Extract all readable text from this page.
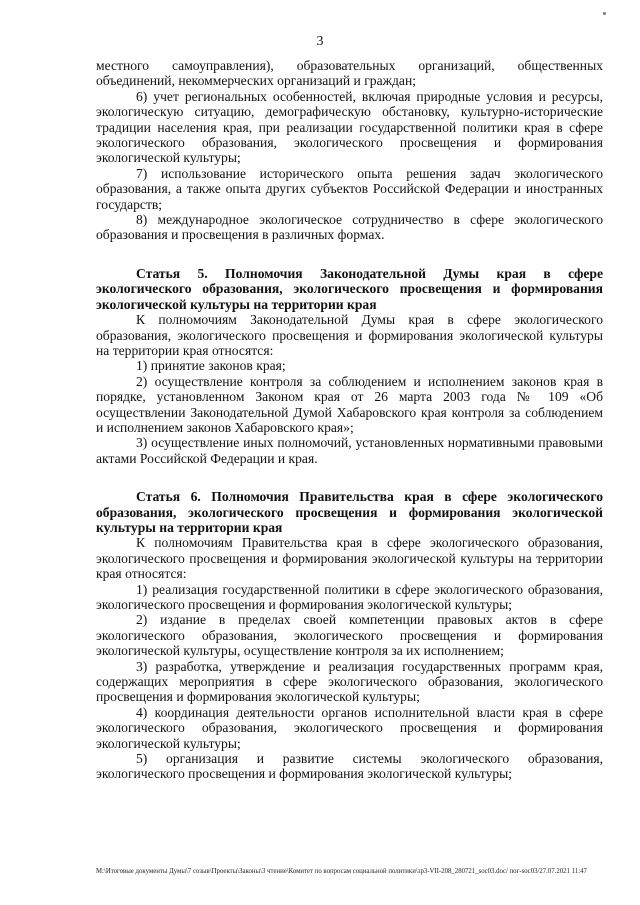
3

местного самоуправления), образовательных организаций, общественных объединений, некоммерческих организаций и граждан;

6) учет региональных особенностей, включая природные условия и ресурсы, экологическую ситуацию, демографическую обстановку, культурно-исторические традиции населения края, при реализации государственной политики края в сфере экологического образования, экологического просвещения и формирования экологической культуры;

7) использование исторического опыта решения задач экологического образования, а также опыта других субъектов Российской Федерации и иностранных государств;

8) международное экологическое сотрудничество в сфере экологического образования и просвещения в различных формах.

Статья 5. Полномочия Законодательной Думы края в сфере экологического образования, экологического просвещения и формирования экологической культуры на территории края

К полномочиям Законодательной Думы края в сфере экологического образования, экологического просвещения и формирования экологической культуры на территории края относятся:

1) принятие законов края;

2) осуществление контроля за соблюдением и исполнением законов края в порядке, установленном Законом края от 26 марта 2003 года № 109 «Об осуществлении Законодательной Думой Хабаровского края контроля за соблюдением и исполнением законов Хабаровского края»;

3) осуществление иных полномочий, установленных нормативными правовыми актами Российской Федерации и края.

Статья 6. Полномочия Правительства края в сфере экологического образования, экологического просвещения и формирования экологической культуры на территории края

К полномочиям Правительства края в сфере экологического образования, экологического просвещения и формирования экологической культуры на территории края относятся:

1) реализация государственной политики в сфере экологического образования, экологического просвещения и формирования экологической культуры;

2) издание в пределах своей компетенции правовых актов в сфере экологического образования, экологического просвещения и формирования экологической культуры, осуществление контроля за их исполнением;

3) разработка, утверждение и реализация государственных программ края, содержащих мероприятия в сфере экологического образования, экологического просвещения и формирования экологической культуры;

4) координация деятельности органов исполнительной власти края в сфере экологического образования, экологического просвещения и формирования экологической культуры;

5) организация и развитие системы экологического образования, экологического просвещения и формирования экологической культуры;

M:\Итоговые документы Думы\7 созыв\Проекты\Законы\3 чтение\Комитет по вопросам социальной политики\зр3-VII-208_280721_soc03.doc/ пог-soc03/27.07.2021 11:47
